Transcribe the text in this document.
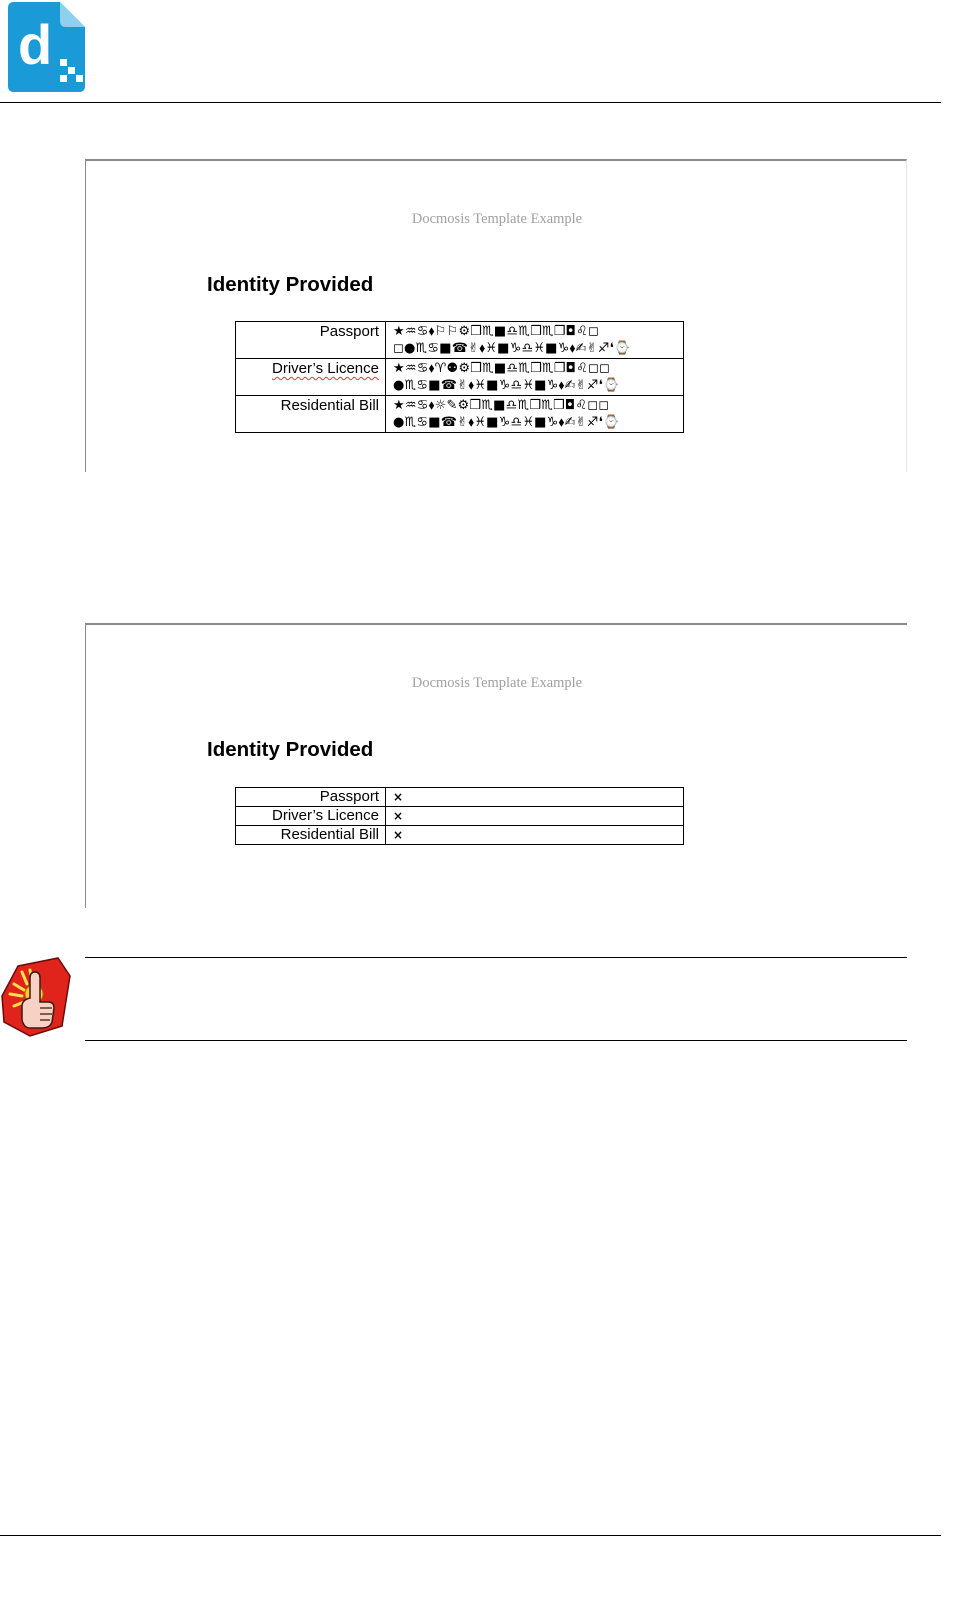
d
Docmosis Template Example
Identity Provided
Passport	★♒♋⬧⚐⚐⚙❒♏■♎♏❒♏❒◘♌◻
◻●♏♋■☎✌⬧♓■♑♎♓■♑⬧✍✌♐❛⌚

Driver’s Licence	★♒♋⬧♈⚉⚙❒♏■♎♏❒♏❒◘♌◻◻
●♏♋■☎✌⬧♓■♑♎♓■♑⬧✍✌♐❛⌚

Residential Bill	★♒♋⬧☼✎⚙❒♏■♎♏❒♏❒◘♌◻◻
●♏♋■☎✌⬧♓■♑♎♓■♑⬧✍✌♐❛⌚
Docmosis Template Example
Identity Provided
Passport	×
Driver’s Licence	×
Residential Bill	×
